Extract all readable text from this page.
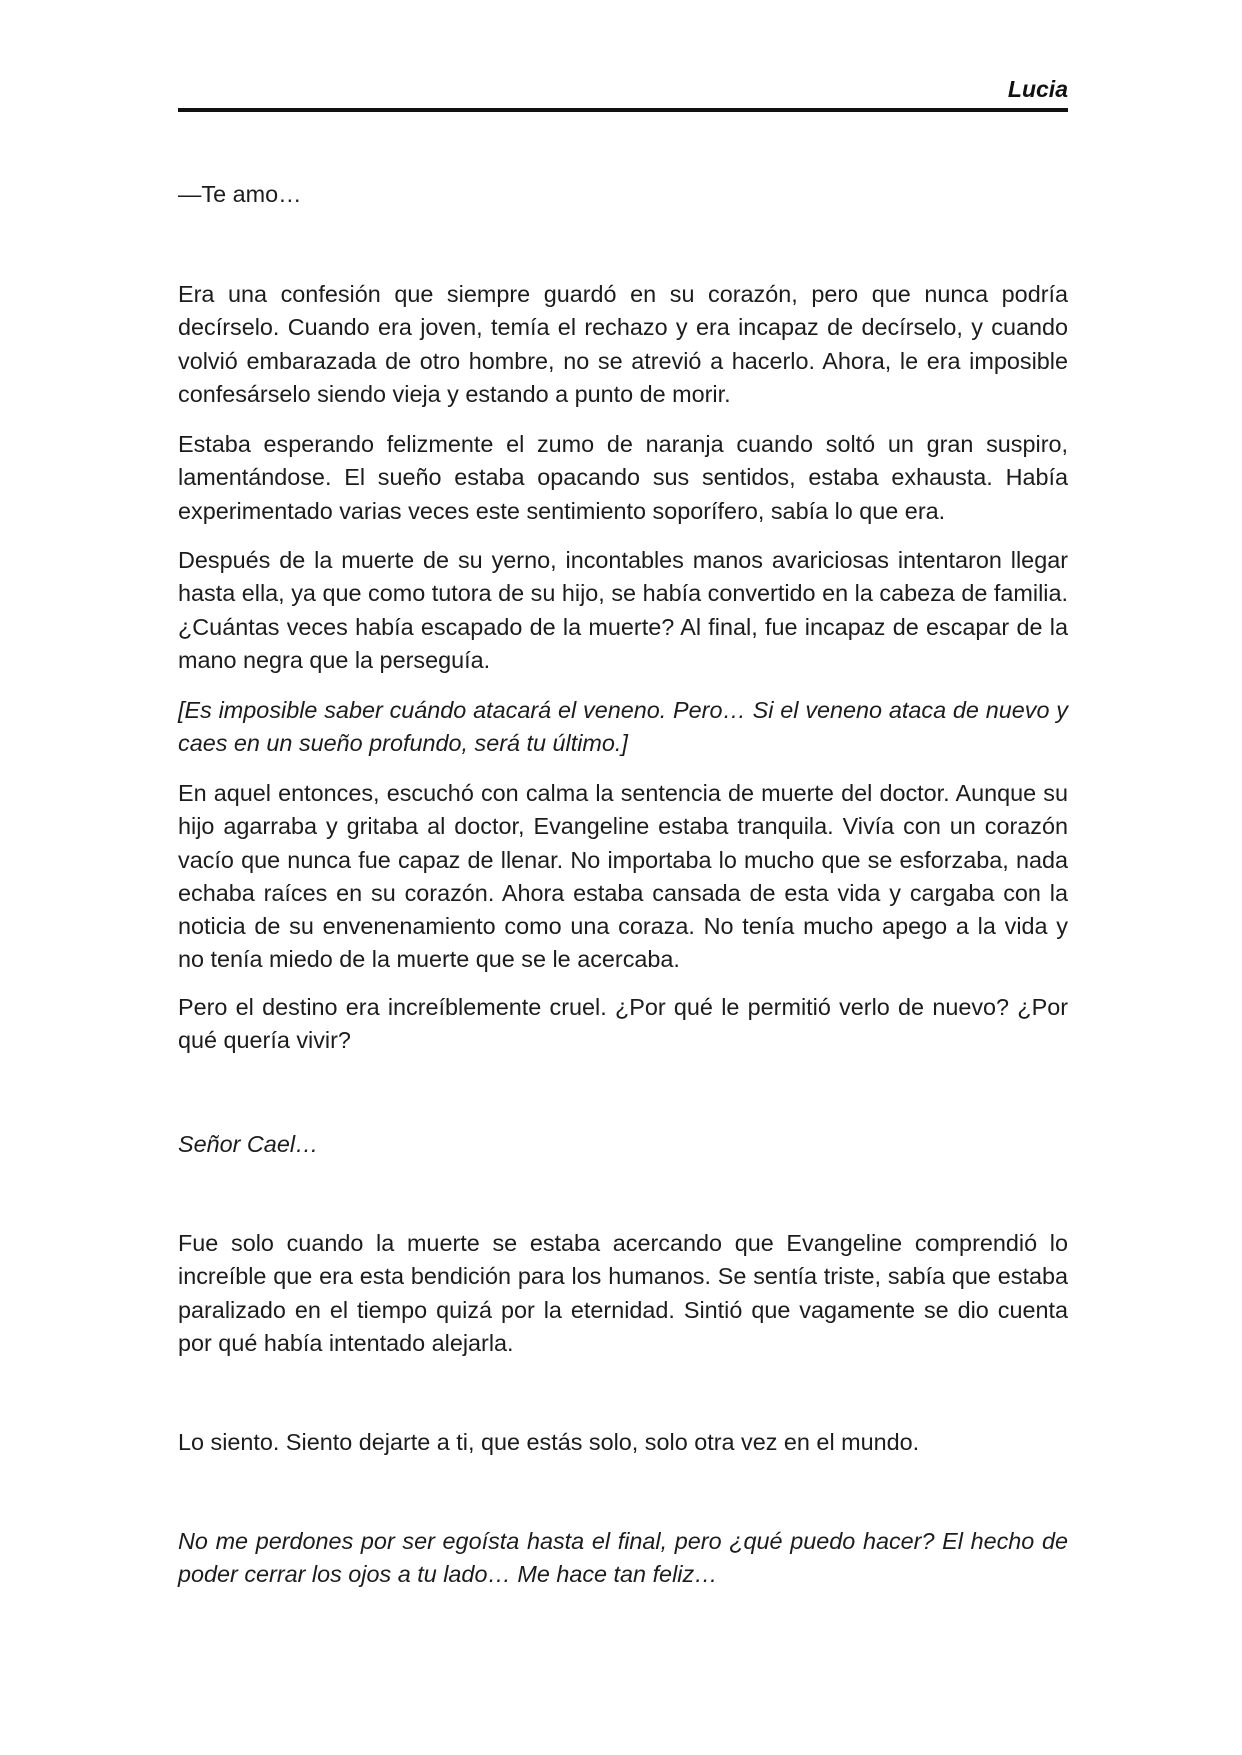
Lucia

—Te amo…

Era una confesión que siempre guardó en su corazón, pero que nunca podría decírselo. Cuando era joven, temía el rechazo y era incapaz de decírselo, y cuando volvió embarazada de otro hombre, no se atrevió a hacerlo. Ahora, le era imposible confesárselo siendo vieja y estando a punto de morir.

Estaba esperando felizmente el zumo de naranja cuando soltó un gran suspiro, lamentándose. El sueño estaba opacando sus sentidos, estaba exhausta. Había experimentado varias veces este sentimiento soporífero, sabía lo que era.

Después de la muerte de su yerno, incontables manos avariciosas intentaron llegar hasta ella, ya que como tutora de su hijo, se había convertido en la cabeza de familia. ¿Cuántas veces había escapado de la muerte? Al final, fue incapaz de escapar de la mano negra que la perseguía.

[Es imposible saber cuándo atacará el veneno. Pero… Si el veneno ataca de nuevo y caes en un sueño profundo, será tu último.]

En aquel entonces, escuchó con calma la sentencia de muerte del doctor. Aunque su hijo agarraba y gritaba al doctor, Evangeline estaba tranquila. Vivía con un corazón vacío que nunca fue capaz de llenar. No importaba lo mucho que se esforzaba, nada echaba raíces en su corazón. Ahora estaba cansada de esta vida y cargaba con la noticia de su envenenamiento como una coraza. No tenía mucho apego a la vida y no tenía miedo de la muerte que se le acercaba.

Pero el destino era increíblemente cruel. ¿Por qué le permitió verlo de nuevo? ¿Por qué quería vivir?

Señor Cael…

Fue solo cuando la muerte se estaba acercando que Evangeline comprendió lo increíble que era esta bendición para los humanos. Se sentía triste, sabía que estaba paralizado en el tiempo quizá por la eternidad. Sintió que vagamente se dio cuenta por qué había intentado alejarla.

Lo siento. Siento dejarte a ti, que estás solo, solo otra vez en el mundo.

No me perdones por ser egoísta hasta el final, pero ¿qué puedo hacer? El hecho de poder cerrar los ojos a tu lado… Me hace tan feliz…
